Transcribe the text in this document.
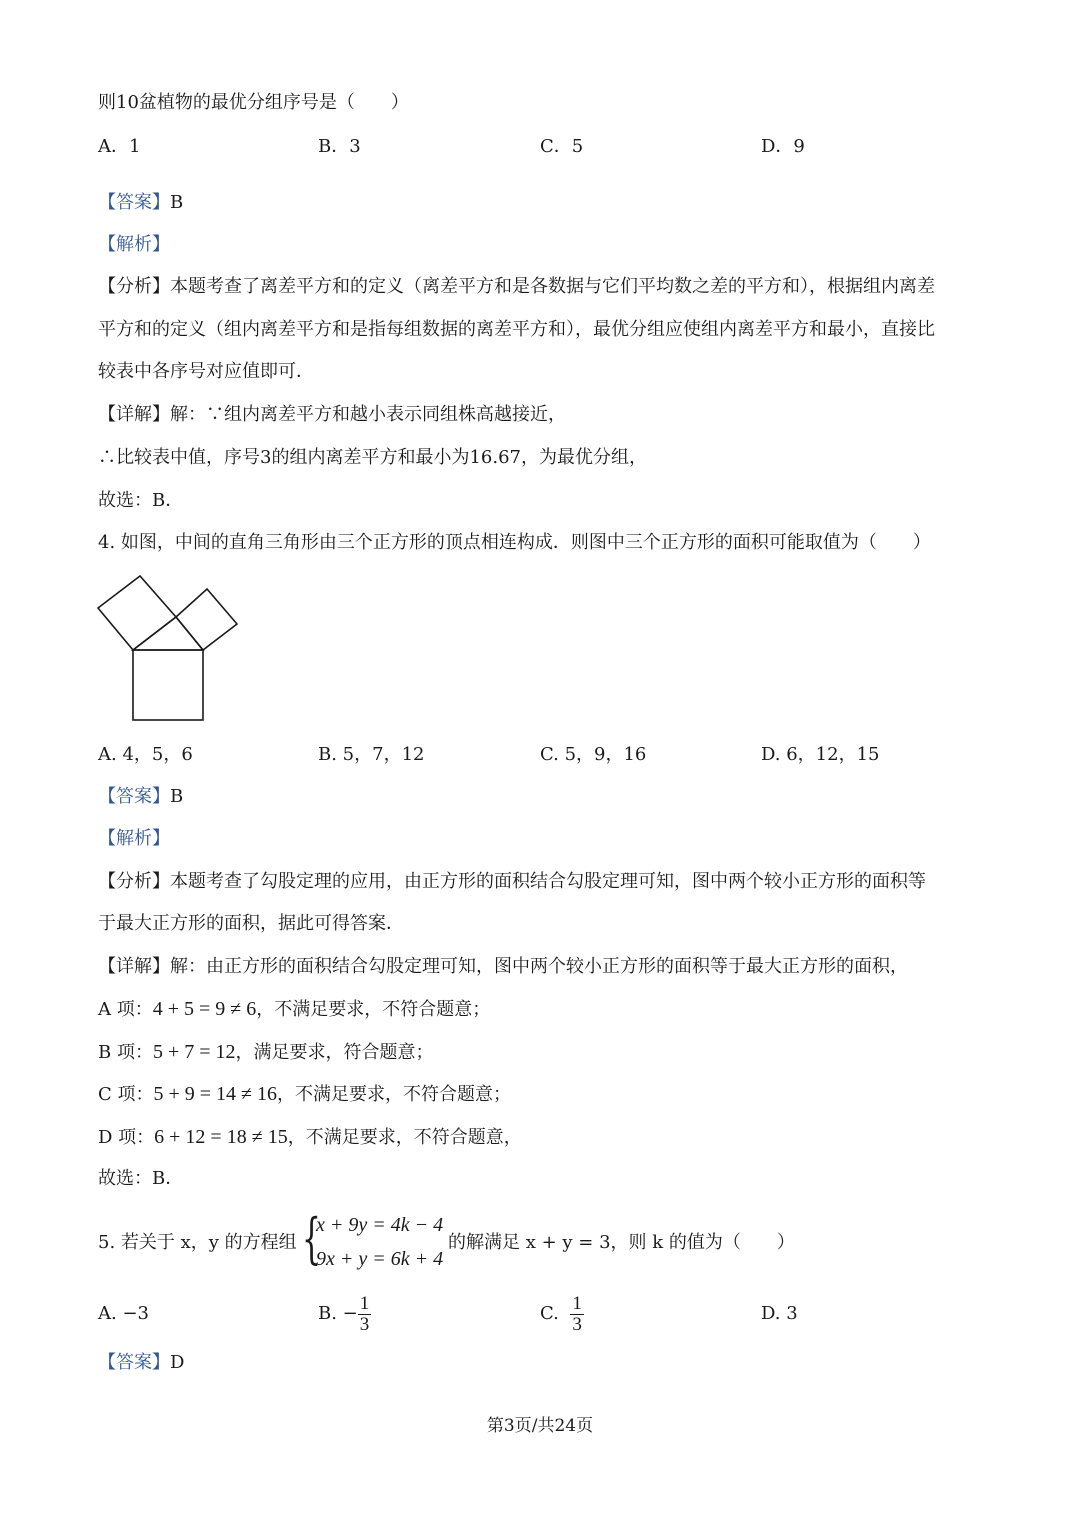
则10盆植物的最优分组序号是（　　）
A．1	B．3	C．5	D．9
【答案】B
【解析】
【分析】本题考查了离差平方和的定义（离差平方和是各数据与它们平均数之差的平方和），根据组内离差
平方和的定义（组内离差平方和是指每组数据的离差平方和），最优分组应使组内离差平方和最小，直接比
较表中各序号对应值即可．
【详解】解：∵组内离差平方和越小表示同组株高越接近，
∴比较表中值，序号3的组内离差平方和最小为16.67，为最优分组，
故选：B．
4. 如图，中间的直角三角形由三个正方形的顶点相连构成．则图中三个正方形的面积可能取值为（　　）
A. 4，5，6	B. 5，7，12	C. 5，9，16	D. 6，12，15
【答案】B
【解析】
【分析】本题考查了勾股定理的应用，由正方形的面积结合勾股定理可知，图中两个较小正方形的面积等
于最大正方形的面积，据此可得答案．
【详解】解：由正方形的面积结合勾股定理可知，图中两个较小正方形的面积等于最大正方形的面积，
A 项：4 + 5 = 9 ≠ 6，不满足要求，不符合题意；
B 项：5 + 7 = 12，满足要求，符合题意；
C 项：5 + 9 = 14 ≠ 16，不满足要求，不符合题意；
D 项：6 + 12 = 18 ≠ 15，不满足要求，不符合题意，
故选：B．
5. 若关于 x，y 的方程组 {
x + 9y = 4k − 4
9x + y = 6k + 4
的解满足 x + y = 3，则 k 的值为（　　）
A. −3	B. − $\frac{1}{3}$	C. $\frac{1}{3}$	D. 3
【答案】D
第3页/共24页
